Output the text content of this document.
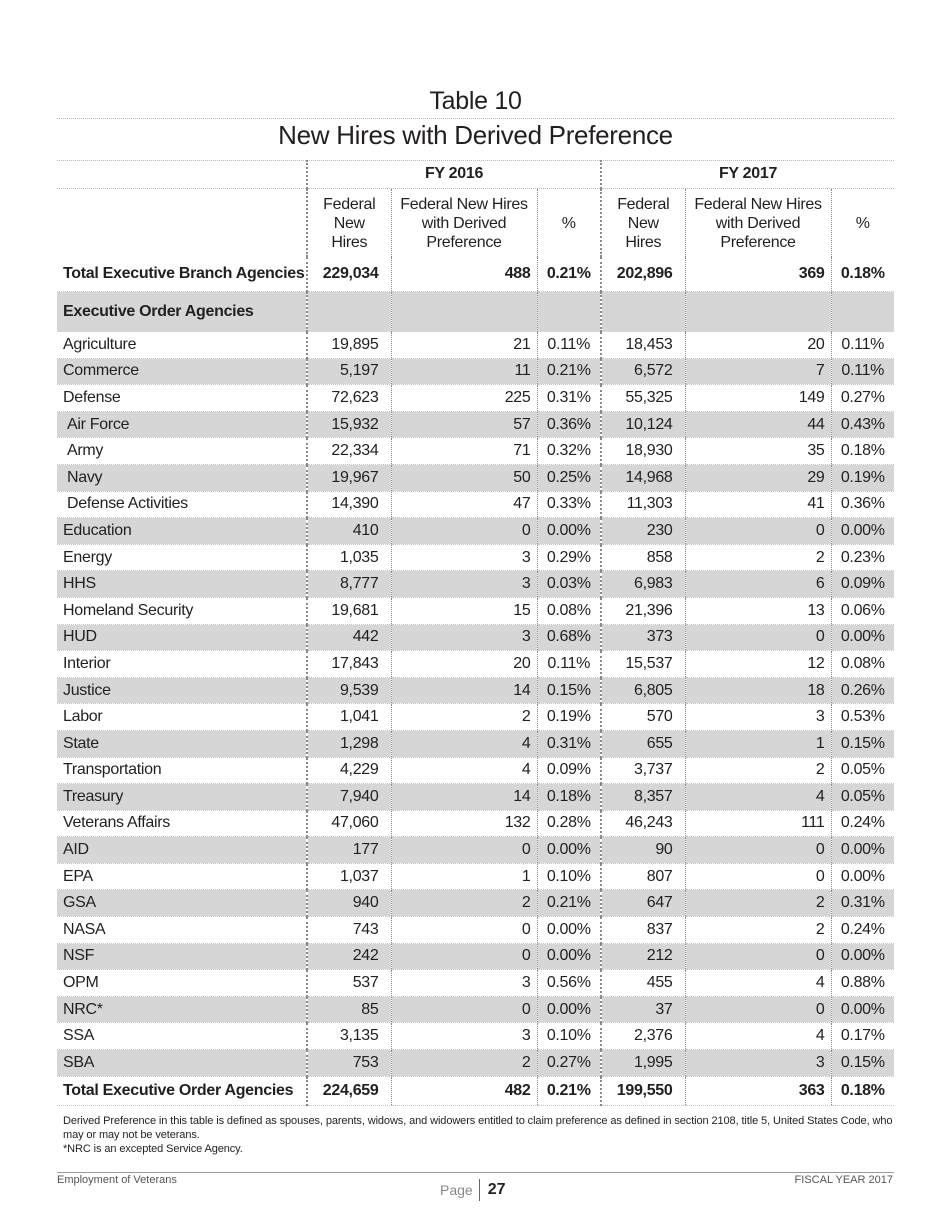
Table 10
New Hires with Derived Preference
	FY 2016			FY 2017		
	Federal New Hires	Federal New Hires with Derived Preference	%	Federal New Hires	Federal New Hires with Derived Preference	%
Total Executive Branch Agencies	229,034	488	0.21%	202,896	369	0.18%
Executive Order Agencies						
Agriculture	19,895	21	0.11%	18,453	20	0.11%
Commerce	5,197	11	0.21%	6,572	7	0.11%
Defense	72,623	225	0.31%	55,325	149	0.27%
Air Force	15,932	57	0.36%	10,124	44	0.43%
Army	22,334	71	0.32%	18,930	35	0.18%
Navy	19,967	50	0.25%	14,968	29	0.19%
Defense Activities	14,390	47	0.33%	11,303	41	0.36%
Education	410	0	0.00%	230	0	0.00%
Energy	1,035	3	0.29%	858	2	0.23%
HHS	8,777	3	0.03%	6,983	6	0.09%
Homeland Security	19,681	15	0.08%	21,396	13	0.06%
HUD	442	3	0.68%	373	0	0.00%
Interior	17,843	20	0.11%	15,537	12	0.08%
Justice	9,539	14	0.15%	6,805	18	0.26%
Labor	1,041	2	0.19%	570	3	0.53%
State	1,298	4	0.31%	655	1	0.15%
Transportation	4,229	4	0.09%	3,737	2	0.05%
Treasury	7,940	14	0.18%	8,357	4	0.05%
Veterans Affairs	47,060	132	0.28%	46,243	111	0.24%
AID	177	0	0.00%	90	0	0.00%
EPA	1,037	1	0.10%	807	0	0.00%
GSA	940	2	0.21%	647	2	0.31%
NASA	743	0	0.00%	837	2	0.24%
NSF	242	0	0.00%	212	0	0.00%
OPM	537	3	0.56%	455	4	0.88%
NRC*	85	0	0.00%	37	0	0.00%
SSA	3,135	3	0.10%	2,376	4	0.17%
SBA	753	2	0.27%	1,995	3	0.15%
Total Executive Order Agencies	224,659	482	0.21%	199,550	363	0.18%
Derived Preference in this table is defined as spouses, parents, widows, and widowers entitled to claim preference as defined in section 2108, title 5, United States Code, who may or may not be veterans.
*NRC is an excepted Service Agency.
Employment of Veterans
Page 27
FISCAL YEAR 2017
